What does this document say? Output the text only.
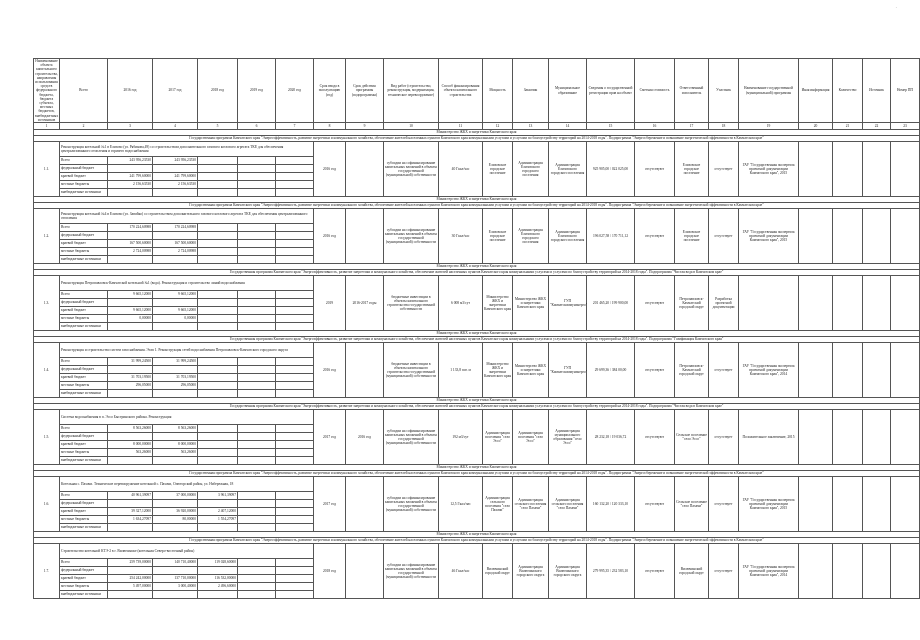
·
Наименование объекта капитального строительства, направления использования средств федерального бюджета, бюджета субъекта, местных бюджетов, внебюджетных источников	Всего	2016 год	2017 год	2018 год	2019 год	2020 год	Срок ввода в эксплуатацию (год)	Срок действия программы (подпрограммы)	Вид работ (строительство, реконструкция, модернизация, техническое перевооружение)	Способ финансирования объекта капитального строительства	Мощность	Заказчик	Муниципальное образование	Сведения о государственной регистрации прав на объект	Сметная стоимость	Ответственный исполнитель	Участник	Наименование государственной (муниципальной) программы	Иная информация	Количество	Источник	Номер ПП
1	2	3	4	5	6	7	8	9	10	11	12	13	14	15	16	17	18	19	20	21	22	23
Министерство ЖКХ и энергетики Камчатского края																						
Государственная программа Камчатского края "Энергоэффективность, развитие энергетики и коммунального хозяйства, обеспечение жителей населенных пунктов Камчатского края коммунальными услугами и услугами по благоустройству территорий на 2014-2018 годы". Подпрограмма "Энергосбережение и повышение энергетической эффективности в Камчатском крае"																						
1.1.	Реконструкция котельной №1 в Елизово (ул. Рябикова,49) со строительством дополнительного газового котлового агрегата ТКЕ для обеспечения централизованного отопления и горячего водоснабжения						2016 год		субсидии на софинансирование капитальных вложений в объекты государственной (муниципальной) собственности	40 Гкал/час	Елизовское городское поселение	Администрация Елизовского городского поселения	Администрация Елизовского городского поселения	925 905,00 / 022 025,00	отсутствуют	Елизовское городское поселение	отсутствует	ГАУ "Государственная экспертиза проектной документации Камчатского края", 2015				
	Всего	243 956,23530	243 956,23530																			
	федеральный бюджет																					
	краевой бюджет	241 799,60000	241 799,60000																			
	местные бюджеты	2 156,63530	2 156,63530																			
	внебюджетные источники																					
Министерство ЖКХ и энергетики Камчатского края																						
Государственная программа Камчатского края "Энергоэффективность, развитие энергетики и коммунального хозяйства, обеспечение жителей населенных пунктов Камчатского края коммунальными услугами и услугами по благоустройству территорий на 2014-2018 годы". Подпрограмма "Энергосбережение и повышение энергетической эффективности в Камчатском крае"																						
1.2.	Реконструкция котельной №4 в Елизово (ул. Завойко) со строительством дополнительного газового котлового агрегата ТКЕ для обеспечения централизованного отопления						2016 год		субсидии на софинансирование капитальных вложений в объекты государственной (муниципальной) собственности	30 Гкал/час	Елизовское городское поселение	Администрация Елизовского городского поселения	Администрация Елизовского городского поселения	196 027,58 / 170 711,12	отсутствуют	Елизовское городское поселение	отсутствует	ГАУ "Государственная экспертиза проектной документации Камчатского края", 2015				
	Всего	170 224,60988	170 224,60988																			
	федеральный бюджет																					
	краевой бюджет	167 500,60000	167 500,60000																			
	местные бюджеты	2 724,00988	2 724,00988																			
	внебюджетные источники																					
Министерство ЖКХ и энергетики Камчатского края																						
Государственная программа Камчатского края "Энергоэффективность, развитие энергетики и коммунального хозяйства, обеспечение жителей населенных пунктов Камчатского края коммунальными услугами и услугами по благоустройству территорий на 2014-2018 годы". Подпрограмма "Чистая вода в Камчатском крае"																						
1.3.	Реконструкция Петропавловск-Камчатской котельной №1 (вода). Реконструкция и строительство линий водоснабжения						2019	2016-2017 годы	бюджетные инвестиции в объекты капитального строительства государственной собственности	6 008 м3/сут	Министерство ЖКХ и энергетики Камчатского края	Министерство ЖКХ и энергетики Камчатского края	ГУП "Камчатскоммунэнерго"	201 465,20 / 199 900,00	отсутствуют	Петропавловск-Камчатский городской округ	Разработка проектной документации					
	Всего	9 665,12000	9 665,12000																			
	федеральный бюджет																					
	краевой бюджет	9 665,12000	9 665,12000																			
	местные бюджеты	0,00000	0,00000																			
	внебюджетные источники																					
Министерство ЖКХ и энергетики Камчатского края																						
Государственная программа Камчатского края "Энергоэффективность, развитие энергетики и коммунального хозяйства, обеспечение жителей населенных пунктов Камчатского края коммунальными услугами и услугами по благоустройству территорий на 2014-2018 годы". Подпрограмма "Газификация Камчатского края"																						
1.4.	Реконструкция и строительство систем газоснабжения. Этап 1. Реконструкция сетей водоснабжения Петропавловск-Камчатского городского округа						2016 год		бюджетные инвестиции в объекты капитального строительства государственной (муниципальной) собственности	1 133,8 пог. м	Министерство ЖКХ и энергетики Камчатского края	Министерство ЖКХ и энергетики Камчатского края	ГУП "Камчатскоммунэнерго"	29 699,36 / 384 00,00	отсутствуют	Петропавловск-Камчатский городской округ	отсутствует	ГАУ "Государственная экспертиза проектной документации Камчатского края", 2014				
	Всего	31 999,24500	31 999,24500																			
	федеральный бюджет																					
	краевой бюджет	31 703,19500	31 703,19500																			
	местные бюджеты	296,05000	296,05000																			
	внебюджетные источники																					
Министерство ЖКХ и энергетики Камчатского края																						
Государственная программа Камчатского края "Энергоэффективность, развитие энергетики и коммунального хозяйства, обеспечение жителей населенных пунктов Камчатского края коммунальными услугами и услугами по благоустройству территорий на 2014-2018 годы". Подпрограмма "Чистая вода в Камчатском крае"																						
1.5.	Система водоснабжения в п. Эссо Быстринского района. Реконструкция						2017 год	2016 год	субсидии на софинансирование капитальных вложений в объекты государственной (муниципальной) собственности	192 м3/сут	Администрация поселения "село Эссо"	Администрация поселения "село Эссо"	Администрация муниципального образования "село Эссо"	28 232,18 / 19 036,72	отсутствуют	Сельское поселение "село Эссо"	отсутствует	Положительное заключение, 2015				
	Всего	8 563,26000	8 563,26000																			
	федеральный бюджет																					
	краевой бюджет	8 000,00000	8 000,00000																			
	местные бюджеты	563,26000	563,26000																			
	внебюджетные источники																					
Министерство ЖКХ и энергетики Камчатского края																						
Государственная программа Камчатского края "Энергоэффективность, развитие энергетики и коммунального хозяйства, обеспечение жителей населенных пунктов Камчатского края коммунальными услугами и услугами по благоустройству территорий на 2014-2018 годы". Подпрограмма "Энергосбережение и повышение энергетической эффективности в Камчатском крае"																						
1.6.	Котельная с. Пахачи. Техническое перевооружение котельной с. Пахачи, Олюторский район, ул. Набережная, 18						2017 год		субсидии на софинансирование капитальных вложений в объекты государственной (муниципальной) собственности	12,5 Гкал/час	Администрация сельского поселения "село Пахачи"	Администрация сельского поселения "село Пахачи"	Администрация сельского поселения "село Пахачи"	160 132,20 / 120 333,10	отсутствуют	Сельское поселение "село Пахачи"	отсутствует	ГАУ "Государственная экспертиза проектной документации Камчатского края", 2015				
	Всего	40 961,39097	37 000,00000	3 961,39097																		
	федеральный бюджет																					
	краевой бюджет	39 327,12000	36 920,00000	2 407,12000																		
	местные бюджеты	1 634,27097	80,00000	1 554,27097																		
	внебюджетные источники																					
Министерство ЖКХ и энергетики Камчатского края																						
Государственная программа Камчатского края "Энергоэффективность, развитие энергетики и коммунального хозяйства, обеспечение жителей населенных пунктов Камчатского края коммунальными услугами и услугами по благоустройству территорий на 2014-2018 годы". Подпрограмма "Энергосбережение и повышение энергетической эффективности в Камчатском крае"																						
1.7.	Строительство котельной КТЭ-2 в г. Вилючинске (котельная Северо-восточный район)						2018 год		субсидии на софинансирование капитальных вложений в объекты государственной (муниципальной) собственности	46 Гкал/час	Вилючинский городской округ	Администрация Вилючинского городского округа	Администрация Вилючинского городского округа	279 995,35 / 232 583,10	отсутствуют	Вилючинский городской округ	отсутствует	ГАУ "Государственная экспертиза проектной документации Камчатского края", 2014				
	Всего	259 739,00000	140 710,40000	119 028,60000																		
	федеральный бюджет																					
	краевой бюджет	254 242,00000	137 710,00000	116 532,00000																		
	местные бюджеты	5 497,00000	3 000,40000	2 496,60000																		
	внебюджетные источники																					
